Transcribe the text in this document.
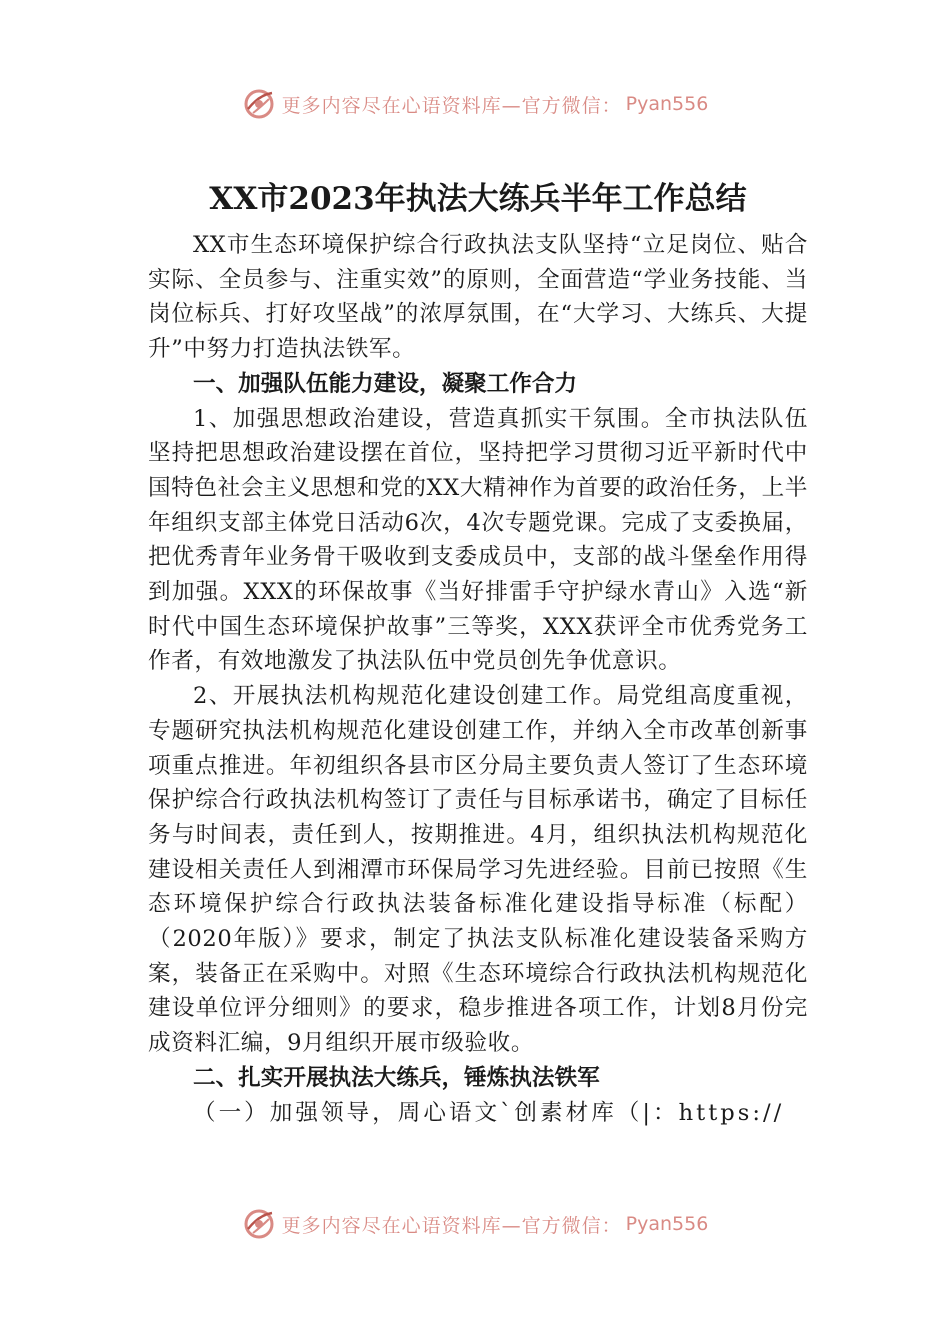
更多内容尽在心语资料库—官方微信： Pyan556
XX市2023年执法大练兵半年工作总结

XX市生态环境保护综合行政执法支队坚持“立足岗位、贴合实际、全员参与、注重实效”的原则，全面营造“学业务技能、当岗位标兵、打好攻坚战”的浓厚氛围，在“大学习、大练兵、大提升”中努力打造执法铁军。

一、加强队伍能力建设，凝聚工作合力

1、加强思想政治建设，营造真抓实干氛围。全市执法队伍坚持把思想政治建设摆在首位，坚持把学习贯彻习近平新时代中国特色社会主义思想和党的XX大精神作为首要的政治任务，上半年组织支部主体党日活动6次，4次专题党课。完成了支委换届，把优秀青年业务骨干吸收到支委成员中，支部的战斗堡垒作用得到加强。XXX的环保故事《当好排雷手守护绿水青山》入选“新时代中国生态环境保护故事”三等奖，XXX获评全市优秀党务工作者，有效地激发了执法队伍中党员创先争优意识。

2、开展执法机构规范化建设创建工作。局党组高度重视，专题研究执法机构规范化建设创建工作，并纳入全市改革创新事项重点推进。年初组织各县市区分局主要负责人签订了生态环境保护综合行政执法机构签订了责任与目标承诺书，确定了目标任务与时间表，责任到人，按期推进。4月，组织执法机构规范化建设相关责任人到湘潭市环保局学习先进经验。目前已按照《生态环境保护综合行政执法装备标准化建设指导标准（标配）（2020年版）》要求，制定了执法支队标准化建设装备采购方案，装备正在采购中。对照《生态环境综合行政执法机构规范化建设单位评分细则》的要求，稳步推进各项工作，计划8月份完成资料汇编，9月组织开展市级验收。

二、扎实开展执法大练兵，锤炼执法铁军

（一）加强领导，周心语文`创素材库（|：https://

更多内容尽在心语资料库—官方微信： Pyan556
